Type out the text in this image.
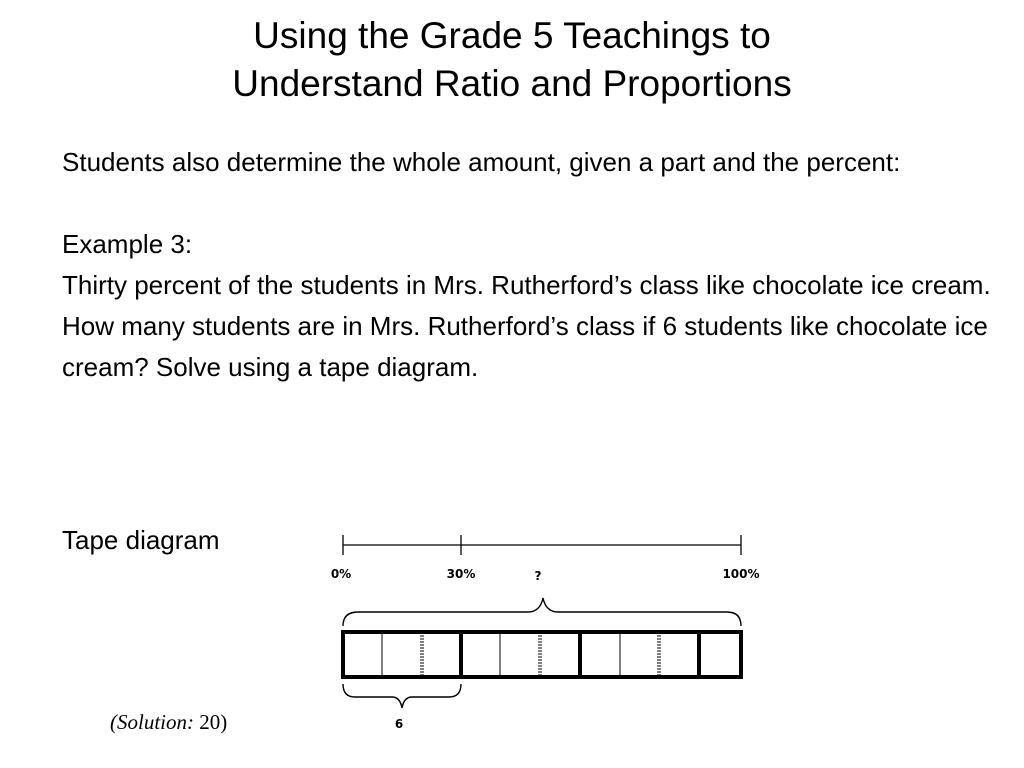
Using the Grade 5 Teachings to
Understand Ratio and Proportions

Students also determine the whole amount, given a part and the percent:

Example 3:

Thirty percent of the students in Mrs. Rutherford’s class like chocolate ice cream. How many students are in Mrs. Rutherford’s class if 6 students like chocolate ice cream? Solve using a tape diagram.

Tape diagram
0%	30%	?	100%
6
(Solution: 20)
